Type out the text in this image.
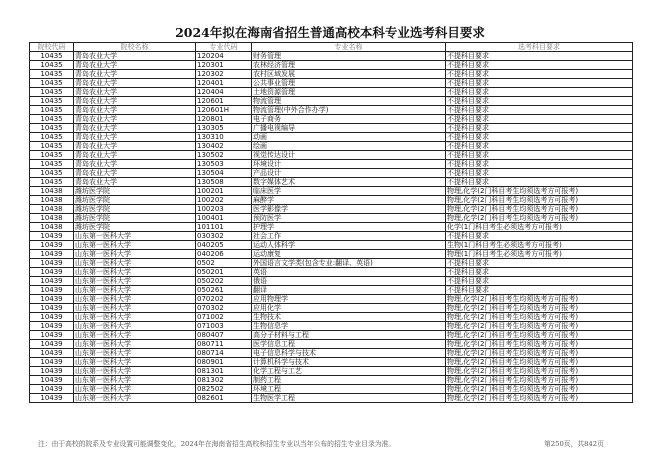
2024年拟在海南省招生普通高校本科专业选考科目要求
院校代码	院校名称	专业代码	专业名称	选考科目要求
10435	青岛农业大学	120204	财务管理	不提科目要求
10435	青岛农业大学	120301	农林经济管理	不提科目要求
10435	青岛农业大学	120302	农村区域发展	不提科目要求
10435	青岛农业大学	120401	公共事业管理	不提科目要求
10435	青岛农业大学	120404	土地资源管理	不提科目要求
10435	青岛农业大学	120601	物流管理	不提科目要求
10435	青岛农业大学	120601H	物流管理(中外合作办学)	不提科目要求
10435	青岛农业大学	120801	电子商务	不提科目要求
10435	青岛农业大学	130305	广播电视编导	不提科目要求
10435	青岛农业大学	130310	动画	不提科目要求
10435	青岛农业大学	130402	绘画	不提科目要求
10435	青岛农业大学	130502	视觉传达设计	不提科目要求
10435	青岛农业大学	130503	环境设计	不提科目要求
10435	青岛农业大学	130504	产品设计	不提科目要求
10435	青岛农业大学	130508	数字媒体艺术	不提科目要求
10438	潍坊医学院	100201	临床医学	物理,化学(2门科目考生均须选考方可报考)
10438	潍坊医学院	100202	麻醉学	物理,化学(2门科目考生均须选考方可报考)
10438	潍坊医学院	100203	医学影像学	物理,化学(2门科目考生均须选考方可报考)
10438	潍坊医学院	100401	预防医学	物理,化学(2门科目考生均须选考方可报考)
10438	潍坊医学院	101101	护理学	化学(1门科目考生必须选考方可报考)
10439	山东第一医科大学	030302	社会工作	不提科目要求
10439	山东第一医科大学	040205	运动人体科学	生物(1门科目考生必须选考方可报考)
10439	山东第一医科大学	040206	运动康复	物理(1门科目考生必须选考方可报考)
10439	山东第一医科大学	0502	外国语言文学类(包含专业:翻译、英语)	不提科目要求
10439	山东第一医科大学	050201	英语	不提科目要求
10439	山东第一医科大学	050202	俄语	不提科目要求
10439	山东第一医科大学	050261	翻译	不提科目要求
10439	山东第一医科大学	070202	应用物理学	物理,化学(2门科目考生均须选考方可报考)
10439	山东第一医科大学	070302	应用化学	物理,化学(2门科目考生均须选考方可报考)
10439	山东第一医科大学	071002	生物技术	物理,化学(2门科目考生均须选考方可报考)
10439	山东第一医科大学	071003	生物信息学	物理,化学(2门科目考生均须选考方可报考)
10439	山东第一医科大学	080407	高分子材料与工程	物理,化学(2门科目考生均须选考方可报考)
10439	山东第一医科大学	080711	医学信息工程	物理,化学(2门科目考生均须选考方可报考)
10439	山东第一医科大学	080714	电子信息科学与技术	物理,化学(2门科目考生均须选考方可报考)
10439	山东第一医科大学	080901	计算机科学与技术	物理,化学(2门科目考生均须选考方可报考)
10439	山东第一医科大学	081301	化学工程与工艺	物理,化学(2门科目考生均须选考方可报考)
10439	山东第一医科大学	081302	制药工程	物理,化学(2门科目考生均须选考方可报考)
10439	山东第一医科大学	082502	环境工程	物理,化学(2门科目考生均须选考方可报考)
10439	山东第一医科大学	082601	生物医学工程	物理,化学(2门科目考生均须选考方可报考)
注：由于高校的院系及专业设置可能调整变化，2024年在海南省招生高校和招生专业以当年公布的招生专业目录为准。	第250页，共842页
